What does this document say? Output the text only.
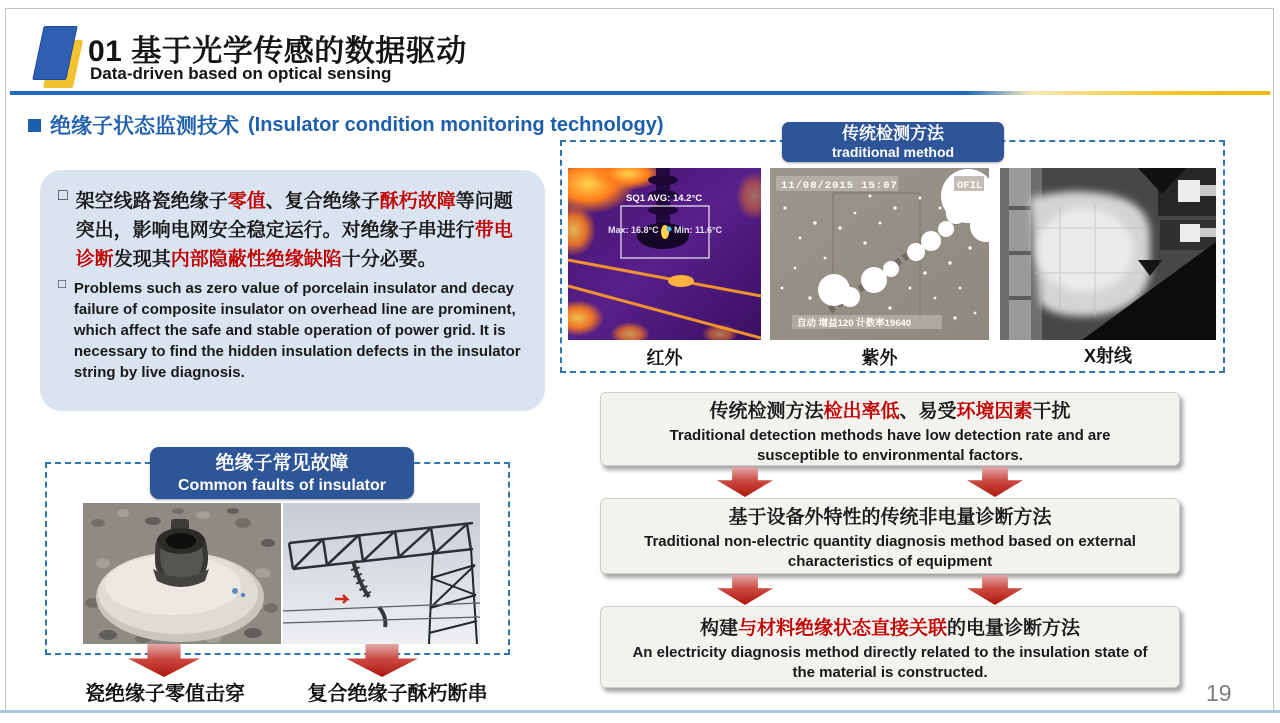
01 基于光学传感的数据驱动
Data-driven based on optical sensing
绝缘子状态监测技术 (Insulator condition monitoring technology)
□ 架空线路瓷绝缘子零值、复合绝缘子酥朽故障等问题突出，影响电网安全稳定运行。对绝缘子串进行带电诊断发现其内部隐蔽性绝缘缺陷十分必要。
□ Problems such as zero value of porcelain insulator and decay failure of composite insulator on overhead line are prominent, which affect the safe and stable operation of power grid. It is necessary to find the hidden insulation defects in the insulator string by live diagnosis.
SQ1 AVG: 14.2°C
Max: 16.8°C Min: 11.6°C
11/08/2015 15:07	OFIL
自动 增益120 计数率19640
红外	紫外	X射线
传统检测方法
traditional method
绝缘子常见故障
Common faults of insulator
瓷绝缘子零值击穿	复合绝缘子酥朽断串
传统检测方法检出率低、易受环境因素干扰
Traditional detection methods have low detection rate and are susceptible to environmental factors.
基于设备外特性的传统非电量诊断方法
Traditional non-electric quantity diagnosis method based on external characteristics of equipment
构建与材料绝缘状态直接关联的电量诊断方法
An electricity diagnosis method directly related to the insulation state of the material is constructed.
19
